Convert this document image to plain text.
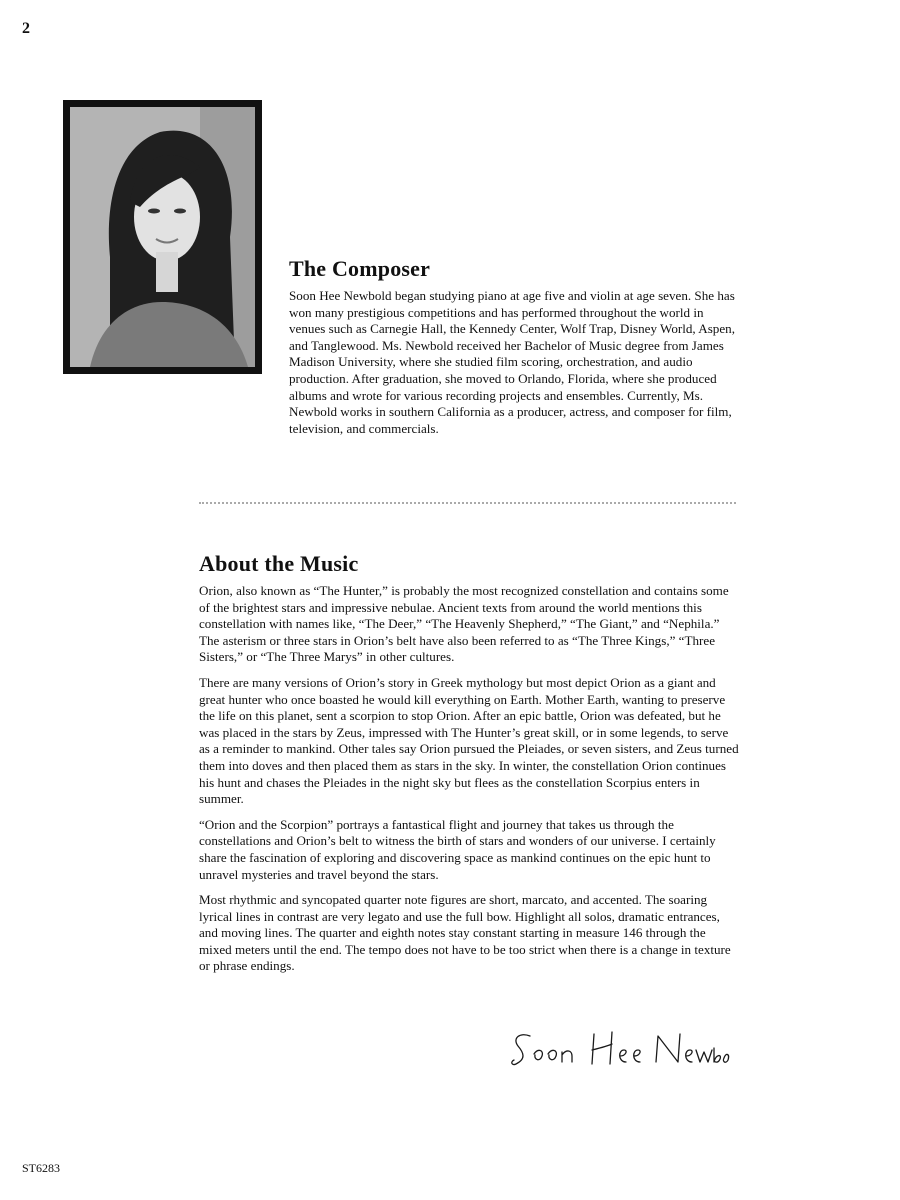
2
The Composer

Soon Hee Newbold began studying piano at age five and violin at age seven. She has won many prestigious competitions and has performed throughout the world in venues such as Carnegie Hall, the Kennedy Center, Wolf Trap, Disney World, Aspen, and Tanglewood. Ms. Newbold received her Bachelor of Music degree from James Madison University, where she studied film scoring, orchestration, and audio production. After graduation, she moved to Orlando, Florida, where she produced albums and wrote for various recording projects and ensembles. Currently, Ms. Newbold works in southern California as a producer, actress, and composer for film, television, and commercials.

About the Music

Orion, also known as “The Hunter,” is probably the most recognized constellation and contains some of the brightest stars and impressive nebulae. Ancient texts from around the world mentions this constellation with names like, “The Deer,” “The Heavenly Shepherd,” “The Giant,” and “Nephila.” The asterism or three stars in Orion’s belt have also been referred to as “The Three Kings,” “Three Sisters,” or “The Three Marys” in other cultures.

There are many versions of Orion’s story in Greek mythology but most depict Orion as a giant and great hunter who once boasted he would kill everything on Earth. Mother Earth, wanting to preserve the life on this planet, sent a scorpion to stop Orion. After an epic battle, Orion was defeated, but he was placed in the stars by Zeus, impressed with The Hunter’s great skill, or in some legends, to serve as a reminder to mankind. Other tales say Orion pursued the Pleiades, or seven sisters, and Zeus turned them into doves and then placed them as stars in the sky. In winter, the constellation Orion continues his hunt and chases the Pleiades in the night sky but flees as the constellation Scorpius enters in summer.

“Orion and the Scorpion” portrays a fantastical flight and journey that takes us through the constellations and Orion’s belt to witness the birth of stars and wonders of our universe. I certainly share the fascination of exploring and discovering space as mankind continues on the epic hunt to unravel mysteries and travel beyond the stars.

Most rhythmic and syncopated quarter note figures are short, marcato, and accented. The soaring lyrical lines in contrast are very legato and use the full bow. Highlight all solos, dramatic entrances, and moving lines. The quarter and eighth notes stay constant starting in measure 146 through the mixed meters until the end. The tempo does not have to be too strict when there is a change in texture or phrase endings.

ST6283
